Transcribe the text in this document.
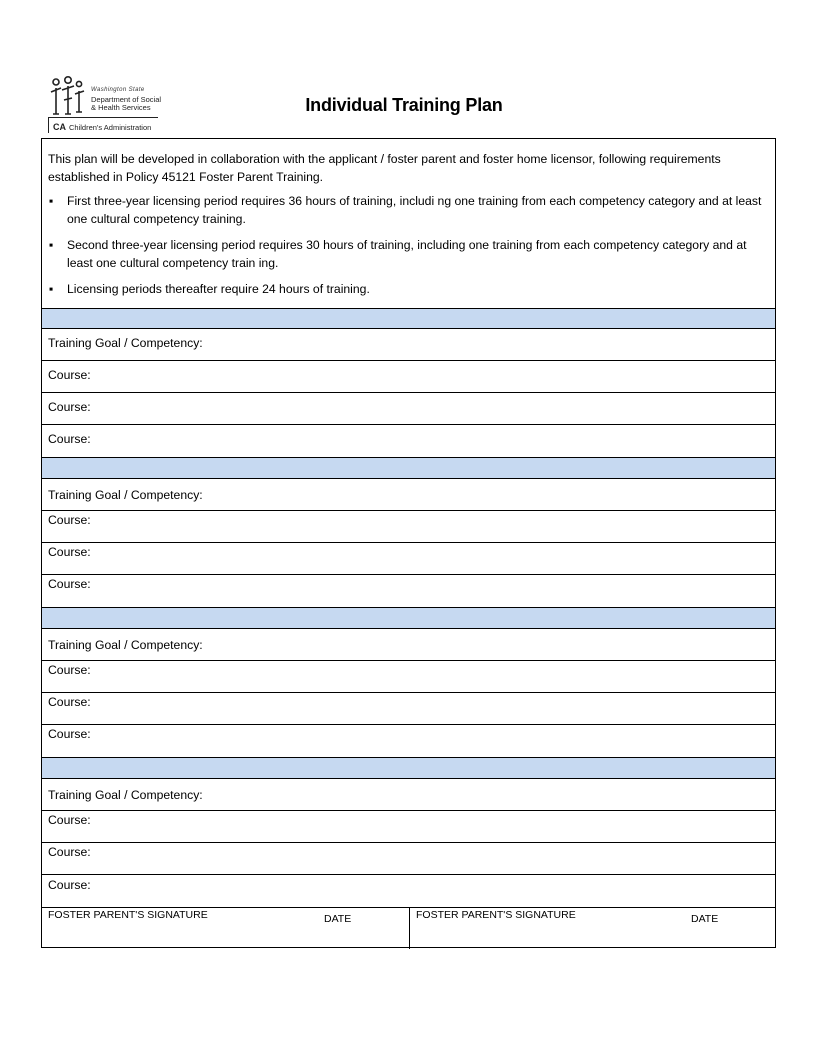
Washington State
Department of Social
& Health Services
CA Children's Administration
Individual Training Plan

This plan will be developed in collaboration with the applicant / foster parent and foster home licensor, following requirements established in Policy 45121 Foster Parent Training.

▪ First three-year licensing period requires 36 hours of training, includi ng one training from each competency category and at least one cultural competency training.
▪ Second three-year licensing period requires 30 hours of training, including one training from each competency category and at least one cultural competency train ing.
▪ Licensing periods thereafter require 24 hours of training.
Training Goal / Competency:
Course:
Course:
Course:
Training Goal / Competency:
Course:
Course:
Course:
Training Goal / Competency:
Course:
Course:
Course:
Training Goal / Competency:
Course:
Course:
Course:
FOSTER PARENT'S SIGNATURE	DATE	FOSTER PARENT'S SIGNATURE	DATE
